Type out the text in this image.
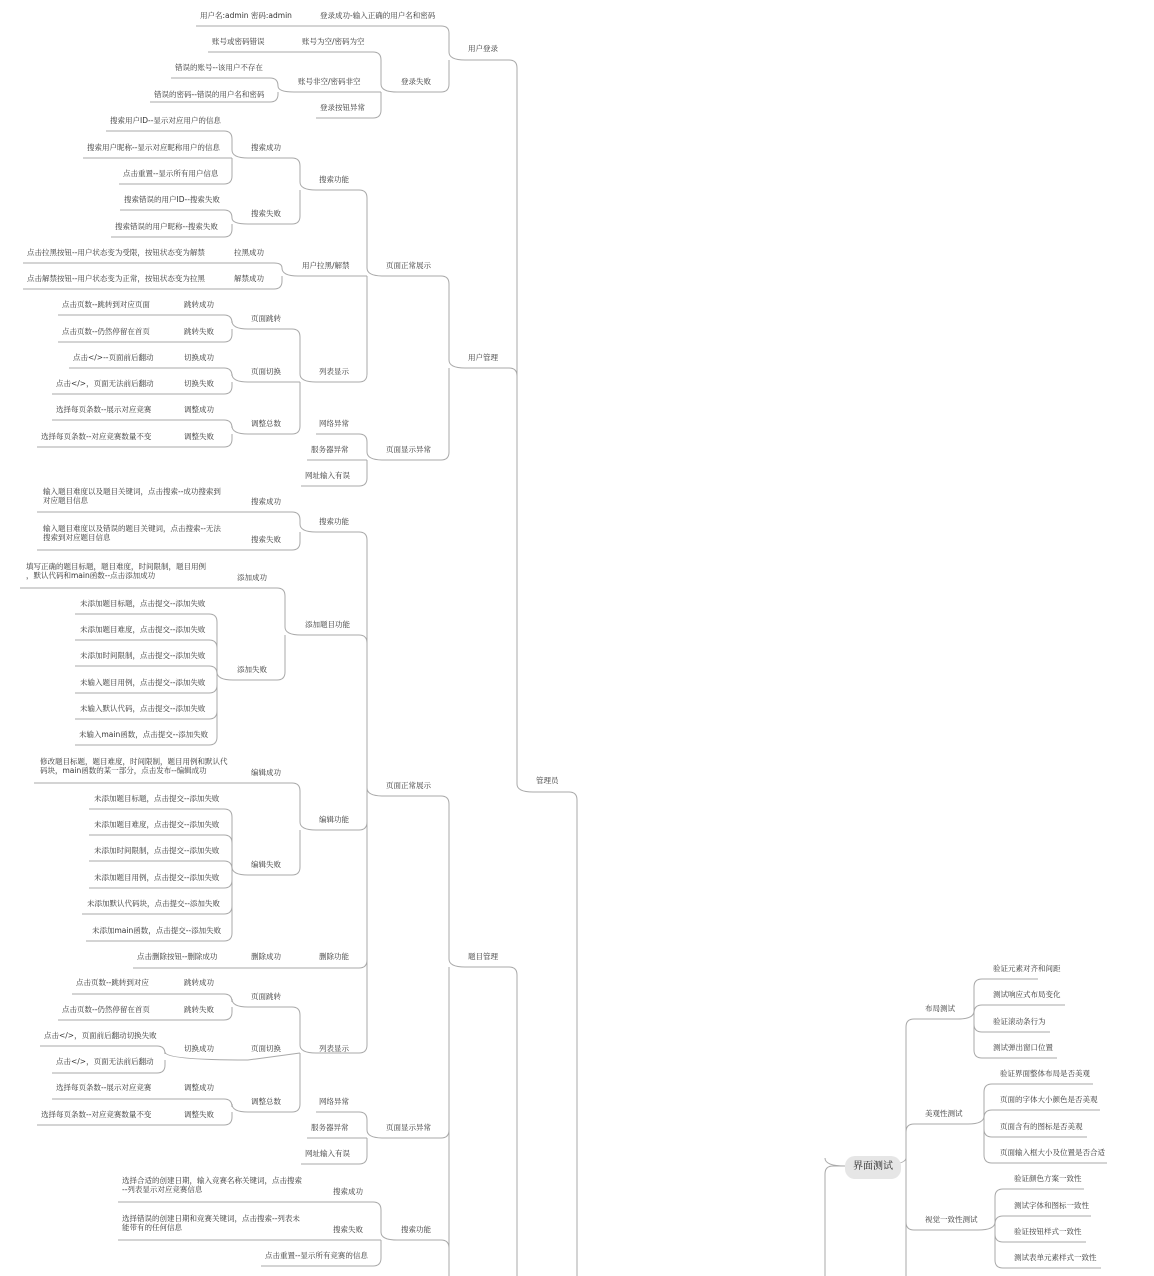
管理员
用户登录
用户管理
题目管理
登录成功-输入正确的用户名和密码
用户名:admin 密码:admin
登录失败
账号为空/密码为空
账号或密码错误
账号非空/密码非空
错误的账号--该用户不存在
错误的密码--错误的用户名和密码
登录按钮异常
页面正常展示
搜索功能
搜索成功
搜索用户ID--显示对应用户的信息
搜索用户昵称--显示对应昵称用户的信息
点击重置--显示所有用户信息
搜索失败
搜索错误的用户ID--搜索失败
搜索错误的用户昵称--搜索失败
用户拉黑/解禁
拉黑成功
点击拉黑按钮--用户状态变为受限，按钮状态变为解禁
解禁成功
点击解禁按钮--用户状态变为正常，按钮状态变为拉黑
列表显示
页面跳转
跳转成功
点击页数--跳转到对应页面
跳转失败
点击页数--仍然停留在首页
页面切换
切换成功
点击</>--页面前后翻动
切换失败
点击</>，页面无法前后翻动
调整总数
调整成功
选择每页条数--展示对应竞赛
调整失败
选择每页条数--对应竞赛数量不变
页面显示异常
网络异常
服务器异常
网址输入有误
页面正常展示
搜索功能
搜索成功
输入题目难度以及题目关键词，点击搜索--成功搜索到
对应题目信息
搜索失败
输入题目难度以及错误的题目关键词，点击搜索--无法
搜索到对应题目信息
添加题目功能
添加成功
填写正确的题目标题，题目难度，时间限制，题目用例
，默认代码和main函数--点击添加成功
添加失败
未添加题目标题，点击提交--添加失败
未添加题目难度，点击提交--添加失败
未添加时间限制，点击提交--添加失败
未输入题目用例，点击提交--添加失败
未输入默认代码，点击提交--添加失败
未输入main函数，点击提交--添加失败
编辑功能
编辑成功
修改题目标题，题目难度，时间限制，题目用例和默认代
码块，main函数的某一部分，点击发布--编辑成功
编辑失败
未添加题目标题，点击提交--添加失败
未添加题目难度，点击提交--添加失败
未添加时间限制，点击提交--添加失败
未添加题目用例，点击提交--添加失败
未添加默认代码块，点击提交--添加失败
未添加main函数，点击提交--添加失败
删除功能
删除成功
点击删除按钮--删除成功
列表显示
页面跳转
跳转成功
点击页数--跳转到对应
跳转失败
点击页数--仍然停留在首页
页面切换
切换成功
点击</>，页面前后翻动切换失败
点击</>，页面无法前后翻动
调整总数
调整成功
选择每页条数--展示对应竞赛
调整失败
选择每页条数--对应竞赛数量不变
页面显示异常
网络异常
服务器异常
网址输入有误
搜索功能
搜索成功
选择合适的创建日期，输入竞赛名称关键词，点击搜索
--列表显示对应竞赛信息
搜索失败
选择错误的创建日期和竞赛关键词，点击搜索--列表未
能带有的任何信息
点击重置--显示所有竞赛的信息
界面测试
布局测试
验证元素对齐和间距
测试响应式布局变化
验证滚动条行为
测试弹出窗口位置
美观性测试
验证界面整体布局是否美观
页面的字体大小颜色是否美观
页面含有的图标是否美观
页面输入框大小及位置是否合适
视觉一致性测试
验证颜色方案一致性
测试字体和图标一致性
验证按钮样式一致性
测试表单元素样式一致性
